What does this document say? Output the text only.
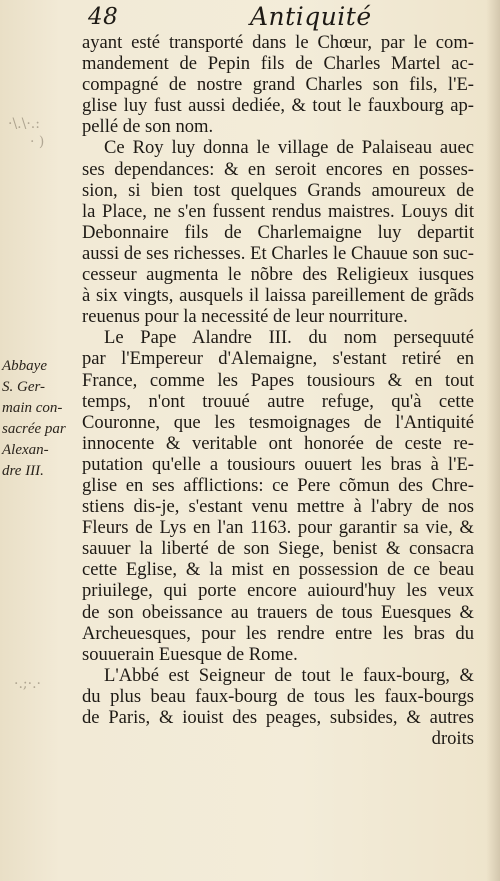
48	Antiquité
·\.\·.:
· )
·.;·.·
Abbaye
S. Ger-
main con-
sacrée par
Alexan-
dre III.
ayant esté transporté dans le Chœur, par le com-
mandement de Pepin fils de Charles Martel ac-
compagné de nostre grand Charles son fils, l'E-
glise luy fust aussi dediée, & tout le fauxbourg ap-
pellé de son nom.
Ce Roy luy donna le village de Palaiseau auec
ses dependances: & en seroit encores en posses-
sion, si bien tost quelques Grands amoureux de
la Place, ne s'en fussent rendus maistres. Louys dit
Debonnaire fils de Charlemaigne luy departit
aussi de ses richesses. Et Charles le Chauue son suc-
cesseur augmenta le nõbre des Religieux iusques
à six vingts, ausquels il laissa pareillement de grãds
reuenus pour la necessité de leur nourriture.
Le Pape Alandre III. du nom persequuté
par l'Empereur d'Alemaigne, s'estant retiré en
France, comme les Papes tousiours & en tout
temps, n'ont trouué autre refuge, qu'à cette
Couronne, que les tesmoignages de l'Antiquité
innocente & veritable ont honorée de ceste re-
putation qu'elle a tousiours ouuert les bras à l'E-
glise en ses afflictions: ce Pere cõmun des Chre-
stiens dis-je, s'estant venu mettre à l'abry de nos
Fleurs de Lys en l'an 1163. pour garantir sa vie, &
sauuer la liberté de son Siege, benist & consacra
cette Eglise, & la mist en possession de ce beau
priuilege, qui porte encore auiourd'huy les veux
de son obeissance au trauers de tous Euesques &
Archeuesques, pour les rendre entre les bras du
souuerain Euesque de Rome.
L'Abbé est Seigneur de tout le faux-bourg, &
du plus beau faux-bourg de tous les faux-bourgs
de Paris, & iouist des peages, subsides, & autres
droits
